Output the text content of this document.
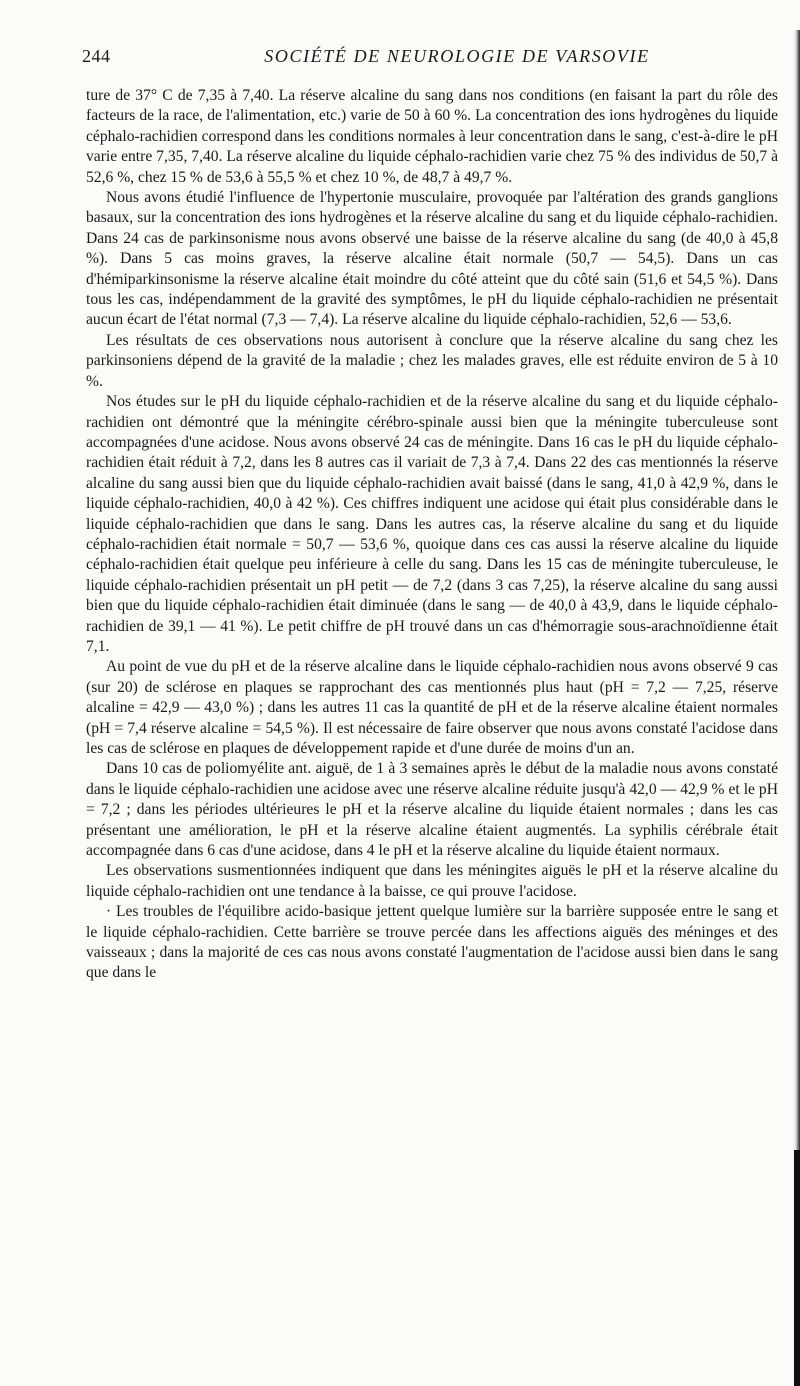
244	SOCIÉTÉ DE NEUROLOGIE DE VARSOVIE

ture de 37° C de 7,35 à 7,40. La réserve alcaline du sang dans nos conditions (en faisant la part du rôle des facteurs de la race, de l'alimentation, etc.) varie de 50 à 60 %. La concentration des ions hydrogènes du liquide céphalo-rachidien correspond dans les conditions normales à leur concentration dans le sang, c'est-à-dire le pH varie entre 7,35, 7,40. La réserve alcaline du liquide céphalo-rachidien varie chez 75 % des individus de 50,7 à 52,6 %, chez 15 % de 53,6 à 55,5 % et chez 10 %, de 48,7 à 49,7 %.

Nous avons étudié l'influence de l'hypertonie musculaire, provoquée par l'altération des grands ganglions basaux, sur la concentration des ions hydrogènes et la réserve alcaline du sang et du liquide céphalo-rachidien. Dans 24 cas de parkinsonisme nous avons observé une baisse de la réserve alcaline du sang (de 40,0 à 45,8 %). Dans 5 cas moins graves, la réserve alcaline était normale (50,7 — 54,5). Dans un cas d'hémiparkinsonisme la réserve alcaline était moindre du côté atteint que du côté sain (51,6 et 54,5 %). Dans tous les cas, indépendamment de la gravité des symptômes, le pH du liquide céphalo-rachidien ne présentait aucun écart de l'état normal (7,3 — 7,4). La réserve alcaline du liquide céphalo-rachidien, 52,6 — 53,6.

Les résultats de ces observations nous autorisent à conclure que la réserve alcaline du sang chez les parkinsoniens dépend de la gravité de la maladie ; chez les malades graves, elle est réduite environ de 5 à 10 %.

Nos études sur le pH du liquide céphalo-rachidien et de la réserve alcaline du sang et du liquide céphalo-rachidien ont démontré que la méningite cérébro-spinale aussi bien que la méningite tuberculeuse sont accompagnées d'une acidose. Nous avons observé 24 cas de méningite. Dans 16 cas le pH du liquide céphalo-rachidien était réduit à 7,2, dans les 8 autres cas il variait de 7,3 à 7,4. Dans 22 des cas mentionnés la réserve alcaline du sang aussi bien que du liquide céphalo-rachidien avait baissé (dans le sang, 41,0 à 42,9 %, dans le liquide céphalo-rachidien, 40,0 à 42 %). Ces chiffres indiquent une acidose qui était plus considérable dans le liquide céphalo-rachidien que dans le sang. Dans les autres cas, la réserve alcaline du sang et du liquide céphalo-rachidien était normale = 50,7 — 53,6 %, quoique dans ces cas aussi la réserve alcaline du liquide céphalo-rachidien était quelque peu inférieure à celle du sang. Dans les 15 cas de méningite tuberculeuse, le liquide céphalo-rachidien présentait un pH petit — de 7,2 (dans 3 cas 7,25), la réserve alcaline du sang aussi bien que du liquide céphalo-rachidien était diminuée (dans le sang — de 40,0 à 43,9, dans le liquide céphalo-rachidien de 39,1 — 41 %). Le petit chiffre de pH trouvé dans un cas d'hémorragie sous-arachnoïdienne était 7,1.

Au point de vue du pH et de la réserve alcaline dans le liquide céphalo-rachidien nous avons observé 9 cas (sur 20) de sclérose en plaques se rapprochant des cas mentionnés plus haut (pH = 7,2 — 7,25, réserve alcaline = 42,9 — 43,0 %) ; dans les autres 11 cas la quantité de pH et de la réserve alcaline étaient normales (pH = 7,4 réserve alcaline = 54,5 %). Il est nécessaire de faire observer que nous avons constaté l'acidose dans les cas de sclérose en plaques de développement rapide et d'une durée de moins d'un an.

Dans 10 cas de poliomyélite ant. aiguë, de 1 à 3 semaines après le début de la maladie nous avons constaté dans le liquide céphalo-rachidien une acidose avec une réserve alcaline réduite jusqu'à 42,0 — 42,9 % et le pH = 7,2 ; dans les périodes ultérieures le pH et la réserve alcaline du liquide étaient normales ; dans les cas présentant une amélioration, le pH et la réserve alcaline étaient augmentés. La syphilis cérébrale était accompagnée dans 6 cas d'une acidose, dans 4 le pH et la réserve alcaline du liquide étaient normaux.

Les observations susmentionnées indiquent que dans les méningites aiguës le pH et la réserve alcaline du liquide céphalo-rachidien ont une tendance à la baisse, ce qui prouve l'acidose.

· Les troubles de l'équilibre acido-basique jettent quelque lumière sur la barrière supposée entre le sang et le liquide céphalo-rachidien. Cette barrière se trouve percée dans les affections aiguës des méninges et des vaisseaux ; dans la majorité de ces cas nous avons constaté l'augmentation de l'acidose aussi bien dans le sang que dans le
